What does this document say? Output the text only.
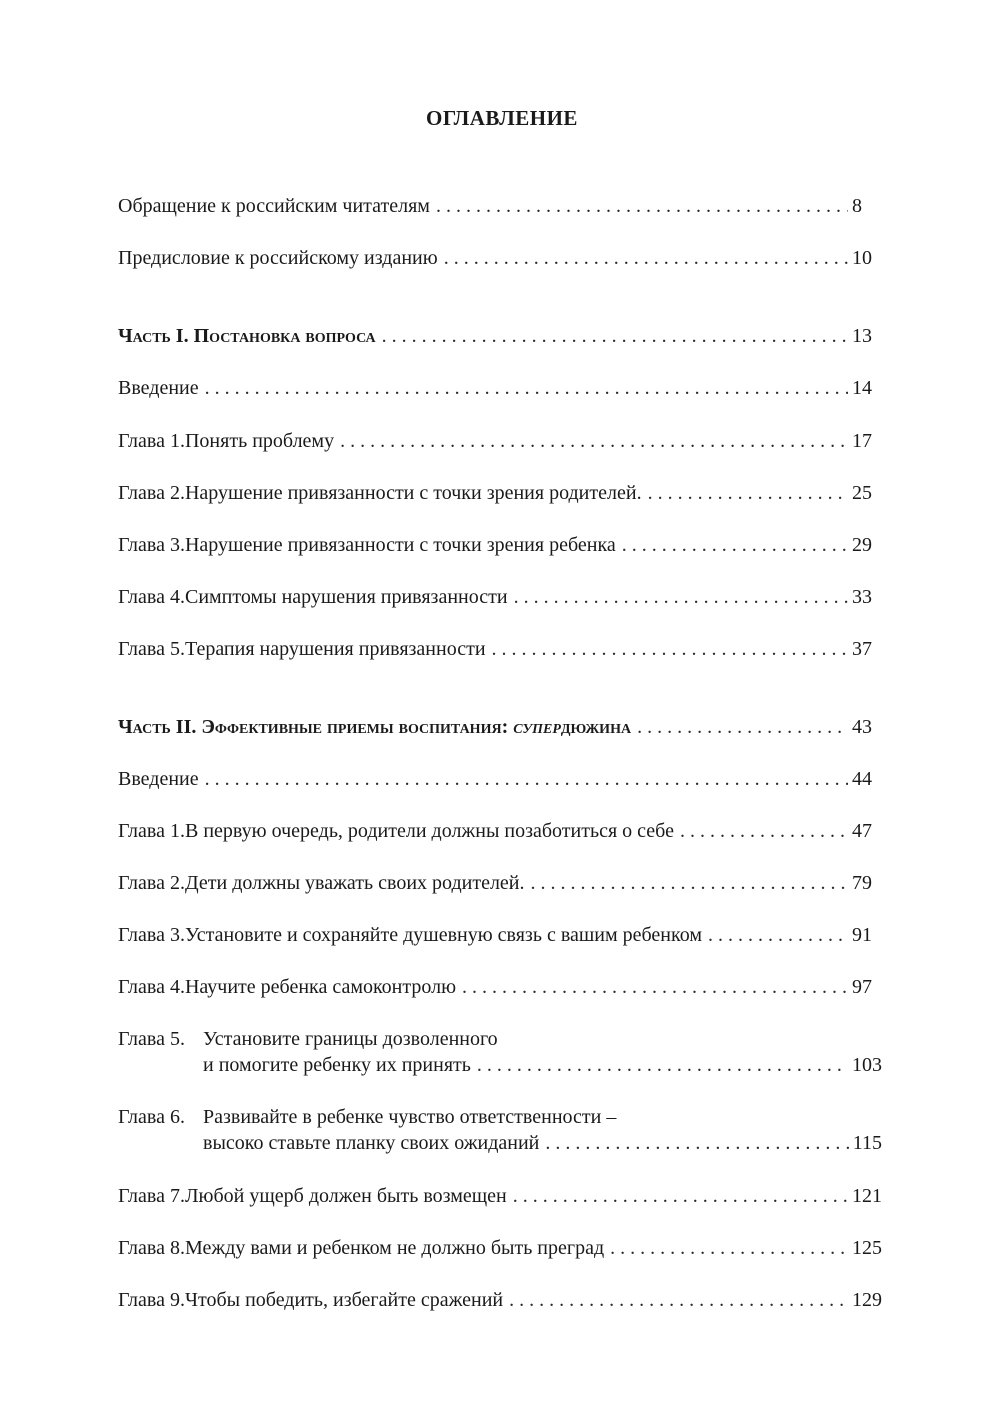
ОГЛАВЛЕНИЕ
Обращение к российским читателям . . .	8
Предисловие к российскому изданию . . .	10
Часть I. Постановка вопроса . . .	13
Введение . . .	14
Глава 1. Понять проблему . . .	17
Глава 2. Нарушение привязанности с точки зрения родителей. . . .	25
Глава 3. Нарушение привязанности с точки зрения ребенка . . .	29
Глава 4. Симптомы нарушения привязанности . . .	33
Глава 5. Терапия нарушения привязанности . . .	37
Часть II. Эффективные приемы воспитания: супердюжина . . .	43
Введение . . .	44
Глава 1. В первую очередь, родители должны позаботиться о себе . . .	47
Глава 2. Дети должны уважать своих родителей. . . .	79
Глава 3. Установите и сохраняйте душевную связь с вашим ребенком . . .	91
Глава 4. Научите ребенка самоконтролю . . .	97
Глава 5. Установите границы дозволенного
и помогите ребенку их принять . . .	103
Глава 6. Развивайте в ребенке чувство ответственности –
высоко ставьте планку своих ожиданий . . .	115
Глава 7. Любой ущерб должен быть возмещен . . .	121
Глава 8. Между вами и ребенком не должно быть преград . . .	125
Глава 9. Чтобы победить, избегайте сражений . . .	129
